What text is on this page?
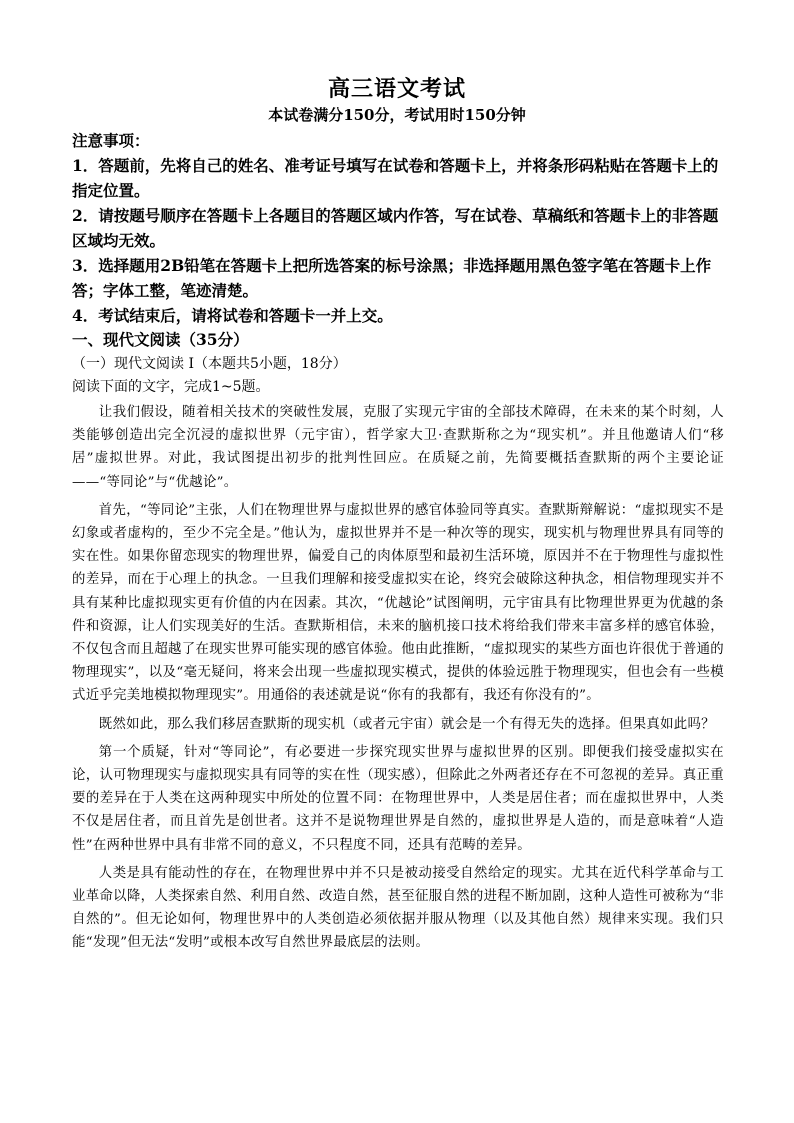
高三语文考试
本试卷满分150分，考试用时150分钟
注意事项：

1．答题前，先将自己的姓名、准考证号填写在试卷和答题卡上，并将条形码粘贴在答题卡上的指定位置。

2．请按题号顺序在答题卡上各题目的答题区域内作答，写在试卷、草稿纸和答题卡上的非答题区域均无效。

3．选择题用2B铅笔在答题卡上把所选答案的标号涂黑；非选择题用黑色签字笔在答题卡上作答；字体工整，笔迹清楚。

4．考试结束后，请将试卷和答题卡一并上交。

一、现代文阅读（35分）
（一）现代文阅读 I（本题共5小题，18分）
阅读下面的文字，完成1~5题。

让我们假设，随着相关技术的突破性发展，克服了实现元宇宙的全部技术障碍，在未来的某个时刻，人类能够创造出完全沉浸的虚拟世界（元宇宙），哲学家大卫·查默斯称之为“现实机”。并且他邀请人们“移居”虚拟世界。对此，我试图提出初步的批判性回应。在质疑之前，先简要概括查默斯的两个主要论证——“等同论”与“优越论”。

首先，“等同论”主张，人们在物理世界与虚拟世界的感官体验同等真实。查默斯辩解说：“虚拟现实不是幻象或者虚构的，至少不完全是。”他认为，虚拟世界并不是一种次等的现实，现实机与物理世界具有同等的实在性。如果你留恋现实的物理世界，偏爱自己的肉体原型和最初生活环境，原因并不在于物理性与虚拟性的差异，而在于心理上的执念。一旦我们理解和接受虚拟实在论，终究会破除这种执念，相信物理现实并不具有某种比虚拟现实更有价值的内在因素。其次，“优越论”试图阐明，元宇宙具有比物理世界更为优越的条件和资源，让人们实现美好的生活。查默斯相信，未来的脑机接口技术将给我们带来丰富多样的感官体验，不仅包含而且超越了在现实世界可能实现的感官体验。他由此推断，“虚拟现实的某些方面也许很优于普通的物理现实”，以及“毫无疑问，将来会出现一些虚拟现实模式，提供的体验远胜于物理现实，但也会有一些模式近乎完美地模拟物理现实”。用通俗的表述就是说“你有的我都有，我还有你没有的”。

既然如此，那么我们移居查默斯的现实机（或者元宇宙）就会是一个有得无失的选择。但果真如此吗？

第一个质疑，针对“等同论”，有必要进一步探究现实世界与虚拟世界的区别。即便我们接受虚拟实在论，认可物理现实与虚拟现实具有同等的实在性（现实感），但除此之外两者还存在不可忽视的差异。真正重要的差异在于人类在这两种现实中所处的位置不同：在物理世界中，人类是居住者；而在虚拟世界中，人类不仅是居住者，而且首先是创世者。这并不是说物理世界是自然的，虚拟世界是人造的，而是意味着“人造性”在两种世界中具有非常不同的意义，不只程度不同，还具有范畴的差异。

人类是具有能动性的存在，在物理世界中并不只是被动接受自然给定的现实。尤其在近代科学革命与工业革命以降，人类探索自然、利用自然、改造自然，甚至征服自然的进程不断加剧，这种人造性可被称为“非自然的”。但无论如何，物理世界中的人类创造必须依据并服从物理（以及其他自然）规律来实现。我们只能“发现”但无法“发明”或根本改写自然世界最底层的法则。
